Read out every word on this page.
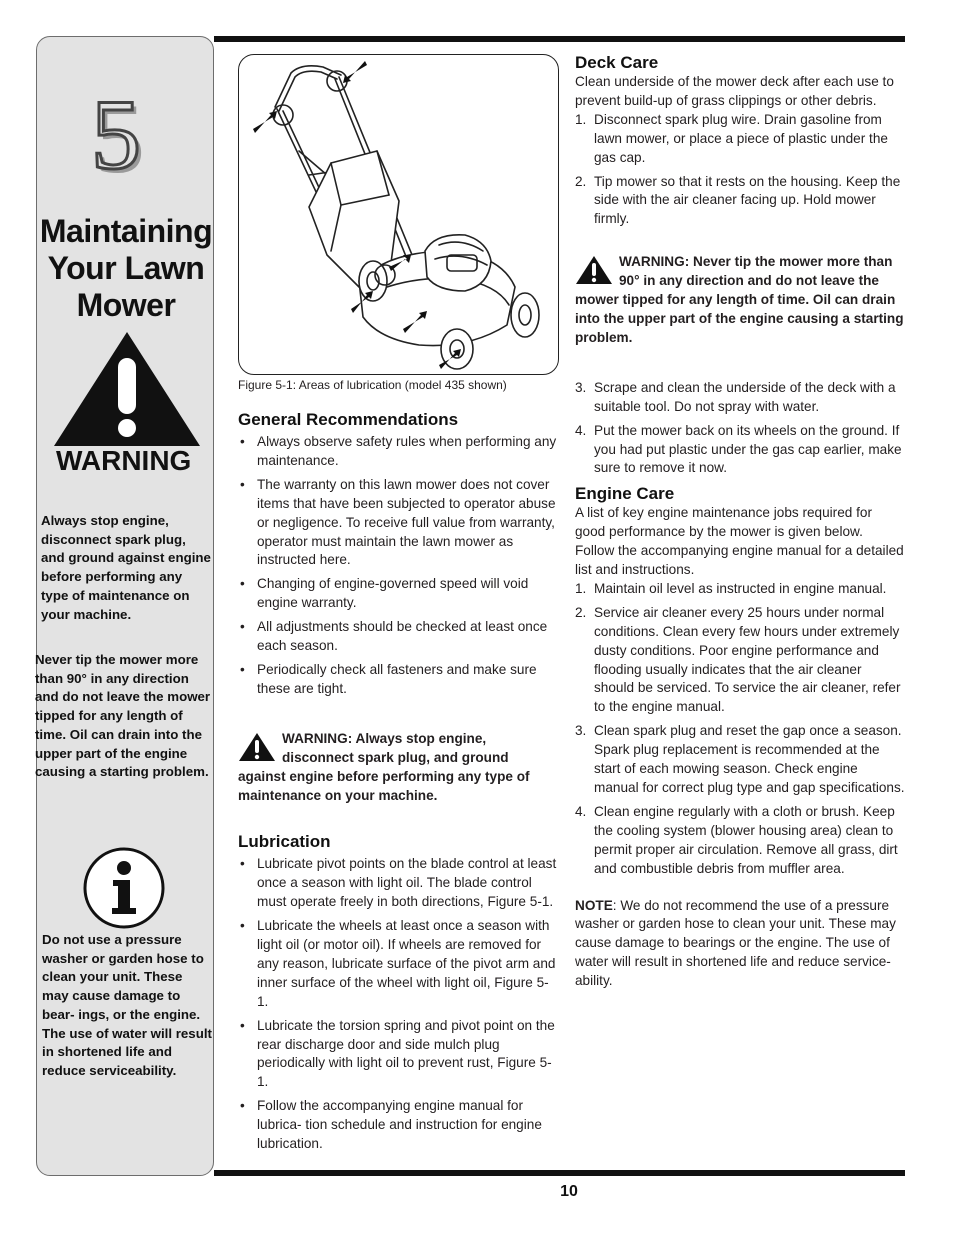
5
Maintaining
Your Lawn
Mower
WARNING
Always stop engine, disconnect spark plug, and ground against engine before performing any type of maintenance on your machine.
Never tip the mower more than 90° in any direction and do not leave the mower tipped for any length of time. Oil can drain into the upper part of the engine causing a starting problem.
Do not use a pressure washer or garden hose to clean your unit. These may cause damage to bear- ings, or the engine. The use of water will result in shortened life and reduce serviceability.
Figure 5-1: Areas of lubrication (model 435 shown)
General Recommendations
• Always observe safety rules when performing any maintenance.
• The warranty on this lawn mower does not cover items that have been subjected to operator abuse or negligence. To receive full value from warranty, operator must maintain the lawn mower as instructed here.
• Changing of engine-governed speed will void engine warranty.
• All adjustments should be checked at least once each season.
• Periodically check all fasteners and make sure these are tight.
WARNING: Always stop engine, disconnect spark plug, and ground against engine before performing any type of maintenance on your machine.
Lubrication
• Lubricate pivot points on the blade control at least once a season with light oil. The blade control must operate freely in both directions, Figure 5-1.
• Lubricate the wheels at least once a season with light oil (or motor oil). If wheels are removed for any reason, lubricate surface of the pivot arm and inner surface of the wheel with light oil, Figure 5-1.
• Lubricate the torsion spring and pivot point on the rear discharge door and side mulch plug periodically with light oil to prevent rust, Figure 5-1.
• Follow the accompanying engine manual for lubrica- tion schedule and instruction for engine lubrication.
Deck Care

Clean underside of the mower deck after each use to prevent build-up of grass clippings or other debris.

1. Disconnect spark plug wire. Drain gasoline from lawn mower, or place a piece of plastic under the gas cap.
2. Tip mower so that it rests on the housing. Keep the side with the air cleaner facing up. Hold mower firmly.
WARNING: Never tip the mower more than 90° in any direction and do not leave the mower tipped for any length of time. Oil can drain into the upper part of the engine causing a starting problem.
3. Scrape and clean the underside of the deck with a suitable tool. Do not spray with water.
4. Put the mower back on its wheels on the ground. If you had put plastic under the gas cap earlier, make sure to remove it now.
Engine Care

A list of key engine maintenance jobs required for good performance by the mower is given below. Follow the accompanying engine manual for a detailed list and instructions.

1. Maintain oil level as instructed in engine manual.
2. Service air cleaner every 25 hours under normal conditions. Clean every few hours under extremely dusty conditions. Poor engine performance and flooding usually indicates that the air cleaner should be serviced. To service the air cleaner, refer to the engine manual.
3. Clean spark plug and reset the gap once a season. Spark plug replacement is recommended at the start of each mowing season. Check engine manual for correct plug type and gap specifications.
4. Clean engine regularly with a cloth or brush. Keep the cooling system (blower housing area) clean to permit proper air circulation. Remove all grass, dirt and combustible debris from muffler area.

NOTE: We do not recommend the use of a pressure washer or garden hose to clean your unit. These may cause damage to bearings or the engine. The use of water will result in shortened life and reduce service- ability.

10
